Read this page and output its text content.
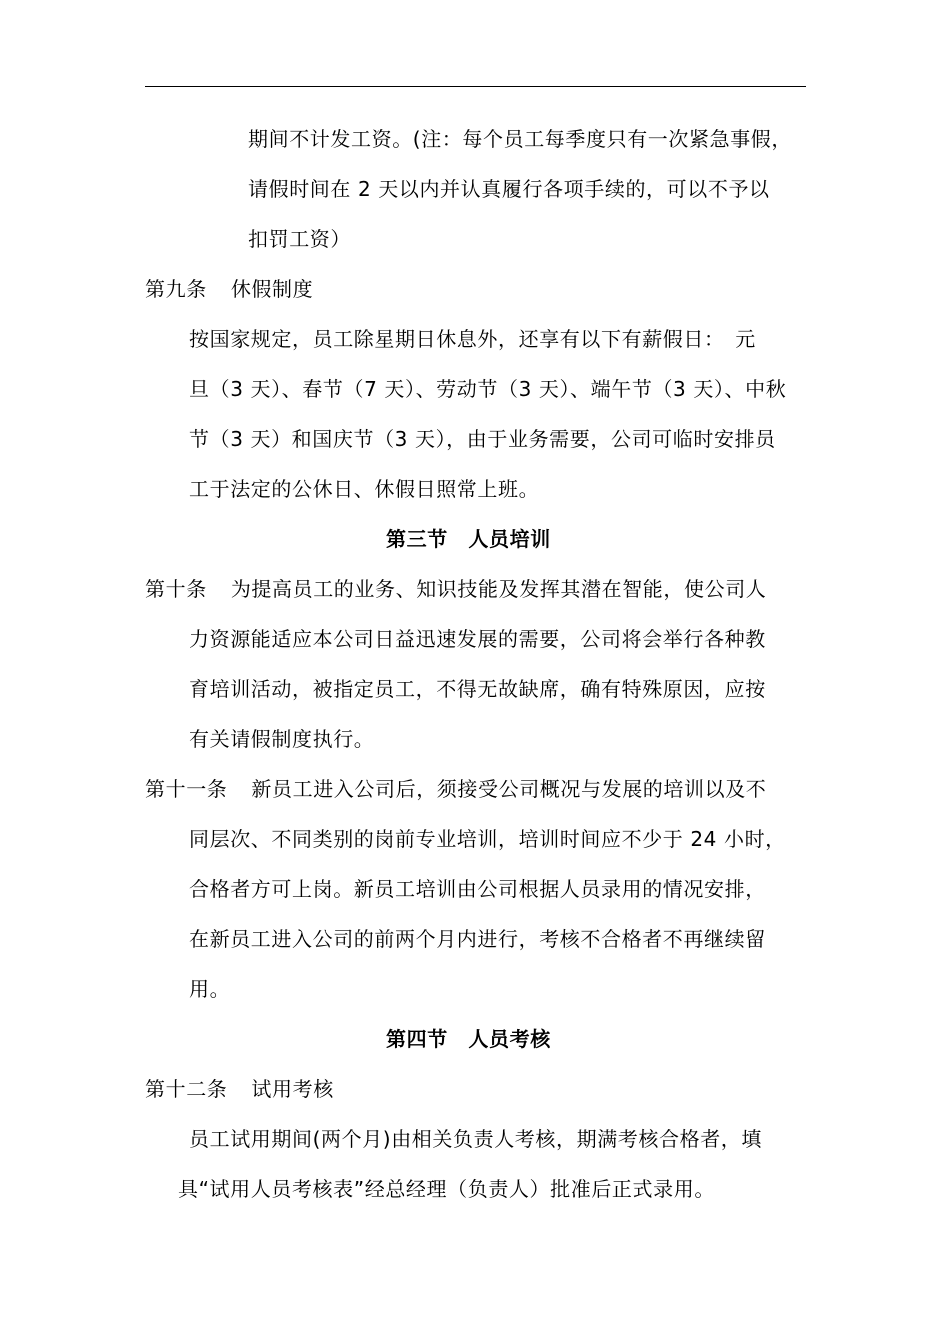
期间不计发工资。(注：每个员工每季度只有一次紧急事假，
请假时间在 2 天以内并认真履行各项手续的，可以不予以
扣罚工资）
第九条 休假制度
按国家规定，员工除星期日休息外，还享有以下有薪假日：　元
旦（3 天）、春节（7 天）、劳动节（3 天）、端午节（3 天）、中秋
节（3 天）和国庆节（3 天），由于业务需要，公司可临时安排员
工于法定的公休日、休假日照常上班。
第三节　人员培训
第十条 为提高员工的业务、知识技能及发挥其潜在智能，使公司人
力资源能适应本公司日益迅速发展的需要，公司将会举行各种教
育培训活动，被指定员工，不得无故缺席，确有特殊原因，应按
有关请假制度执行。
第十一条 新员工进入公司后，须接受公司概况与发展的培训以及不
同层次、不同类别的岗前专业培训，培训时间应不少于 24 小时，
合格者方可上岗。新员工培训由公司根据人员录用的情况安排，
在新员工进入公司的前两个月内进行，考核不合格者不再继续留
用。
第四节　人员考核
第十二条 试用考核
员工试用期间(两个月)由相关负责人考核，期满考核合格者，填
具“试用人员考核表”经总经理（负责人）批准后正式录用。
